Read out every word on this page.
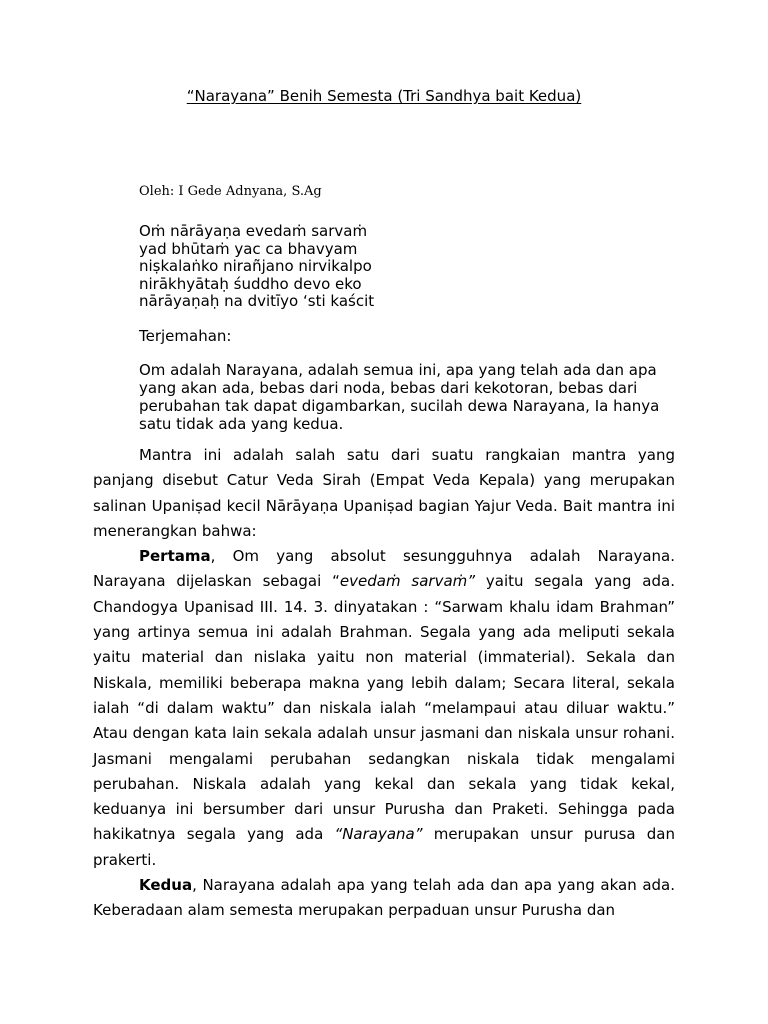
“Narayana” Benih Semesta (Tri Sandhya bait Kedua)
Oleh: I Gede Adnyana, S.Ag
Oṁ nārāyaṇa evedaṁ sarvaṁ
yad bhūtaṁ yac ca bhavyam
niṣkalaṅko nirañjano nirvikalpo
nirākhyātaḥ śuddho devo eko
nārāyaṇaḥ na dvitīyo ‘sti kaścit
Terjemahan:
Om adalah Narayana, adalah semua ini, apa yang telah ada dan apa yang akan ada, bebas dari noda, bebas dari kekotoran, bebas dari perubahan tak dapat digambarkan, sucilah dewa Narayana, Ia hanya satu tidak ada yang kedua.

Mantra ini adalah salah satu dari suatu rangkaian mantra yang panjang disebut Catur Veda Sirah (Empat Veda Kepala) yang merupakan salinan Upaniṣad kecil Nārāyaṇa Upaniṣad bagian Yajur Veda. Bait mantra ini menerangkan bahwa:

Pertama, Om yang absolut sesungguhnya adalah Narayana. Narayana dijelaskan sebagai “evedaṁ sarvaṁ” yaitu segala yang ada. Chandogya Upanisad III. 14. 3. dinyatakan : “Sarwam khalu idam Brahman” yang artinya semua ini adalah Brahman. Segala yang ada meliputi sekala yaitu material dan nislaka yaitu non material (immaterial). Sekala dan Niskala, memiliki beberapa makna yang lebih dalam; Secara literal, sekala ialah “di dalam waktu” dan niskala ialah “melampaui atau diluar waktu.” Atau dengan kata lain sekala adalah unsur jasmani dan niskala unsur rohani. Jasmani mengalami perubahan sedangkan niskala tidak mengalami perubahan. Niskala adalah yang kekal dan sekala yang tidak kekal, keduanya ini bersumber dari unsur Purusha dan Praketi. Sehingga pada hakikatnya segala yang ada “Narayana” merupakan unsur purusa dan prakerti.

Kedua, Narayana adalah apa yang telah ada dan apa yang akan ada. Keberadaan alam semesta merupakan perpaduan unsur Purusha dan
